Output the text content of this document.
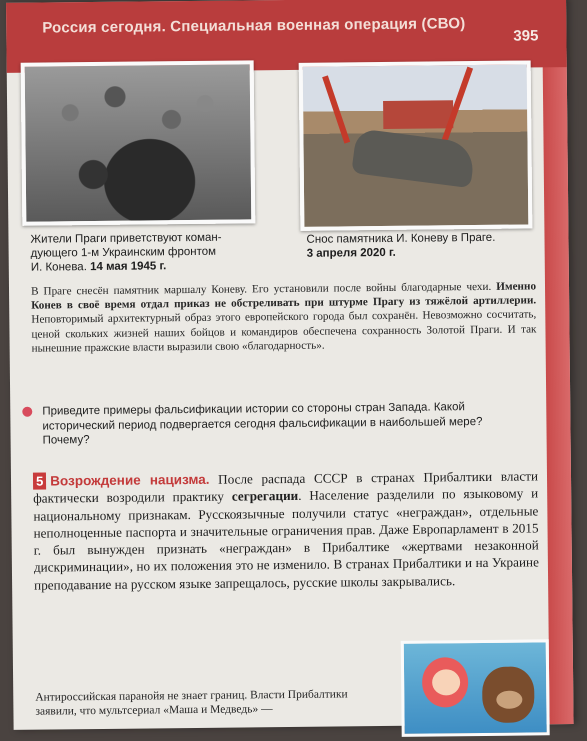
Россия сегодня. Специальная военная операция (СВО)	395
Жители Праги приветствуют коман-
дующего 1-м Украинским фронтом
И. Конева. 14 мая 1945 г.
Снос памятника И. Коневу в Праге.
3 апреля 2020 г.
В Праге снесён памятник маршалу Коневу. Его установили после войны благодарные чехи. Именно Конев в своё время отдал приказ не обстреливать при штурме Прагу из тяжёлой артиллерии. Неповторимый архитектурный образ этого европейского города был сохранён. Невозможно сосчитать, ценой скольких жизней наших бойцов и командиров обеспечена сохранность Золотой Праги. И так нынешние пражские власти выразили свою «благодарность».
Приведите примеры фальсификации истории со стороны стран Запада. Какой исторический период подвергается сегодня фальсификации в наибольшей мере? Почему?
5 Возрождение нацизма. После распада СССР в странах Прибалтики власти фактически возродили практику сегрегации. Население разделили по языковому и национальному признакам. Русскоязычные получили статус «неграждан», отдельные неполноценные паспорта и значительные ограничения прав. Даже Европарламент в 2015 г. был вынужден признать «неграждан» в Прибалтике «жертвами незаконной дискриминации», но их положения это не изменило. В странах Прибалтики и на Украине преподавание на русском языке запрещалось, русские школы закрывались.
Антироссийская паранойя не знает границ. Власти Прибалтики заявили, что мультсериал «Маша и Медведь» —
